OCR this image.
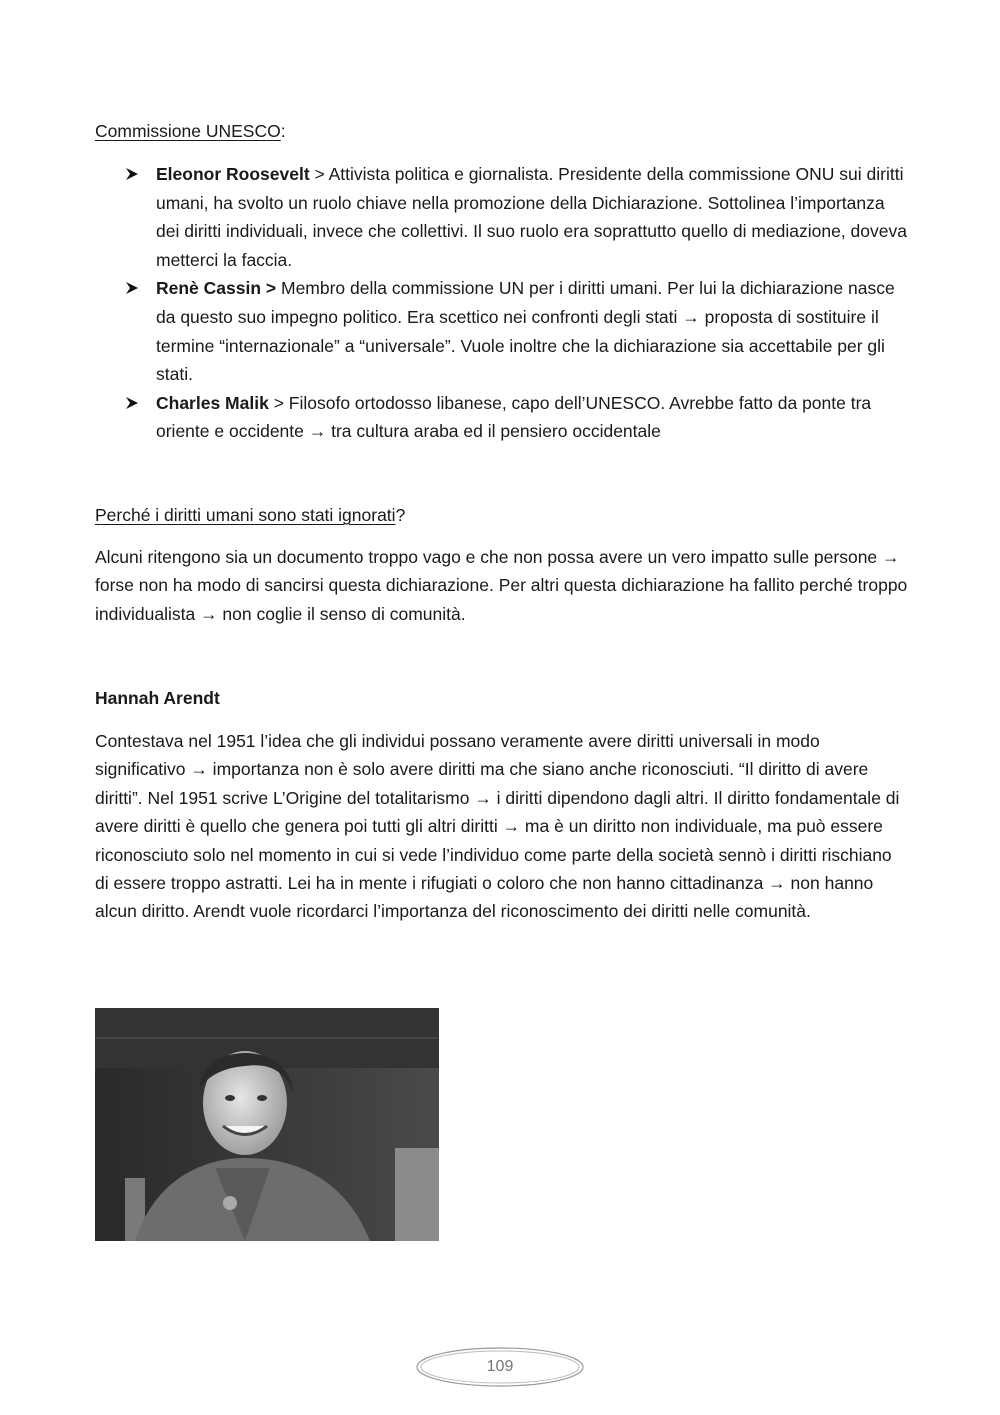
Commissione UNESCO:
Eleonor Roosevelt > Attivista politica e giornalista. Presidente della commissione ONU sui diritti umani, ha svolto un ruolo chiave nella promozione della Dichiarazione. Sottolinea l’importanza dei diritti individuali, invece che collettivi. Il suo ruolo era soprattutto quello di mediazione, doveva metterci la faccia.
Renè Cassin > Membro della commissione UN per i diritti umani. Per lui la dichiarazione nasce da questo suo impegno politico. Era scettico nei confronti degli stati → proposta di sostituire il termine “internazionale” a “universale”. Vuole inoltre che la dichiarazione sia accettabile per gli stati.
Charles Malik > Filosofo ortodosso libanese, capo dell’UNESCO. Avrebbe fatto da ponte tra oriente e occidente → tra cultura araba ed il pensiero occidentale
Perché i diritti umani sono stati ignorati?

Alcuni ritengono sia un documento troppo vago e che non possa avere un vero impatto sulle persone → forse non ha modo di sancirsi questa dichiarazione. Per altri questa dichiarazione ha fallito perché troppo individualista → non coglie il senso di comunità.

Hannah Arendt

Contestava nel 1951 l’idea che gli individui possano veramente avere diritti universali in modo significativo → importanza non è solo avere diritti ma che siano anche riconosciuti. “Il diritto di avere diritti”. Nel 1951 scrive L’Origine del totalitarismo → i diritti dipendono dagli altri. Il diritto fondamentale di avere diritti è quello che genera poi tutti gli altri diritti → ma è un diritto non individuale, ma può essere riconosciuto solo nel momento in cui si vede l’individuo come parte della società sennò i diritti rischiano di essere troppo astratti. Lei ha in mente i rifugiati o coloro che non hanno cittadinanza → non hanno alcun diritto. Arendt vuole ricordarci l’importanza del riconoscimento dei diritti nelle comunità.

109
